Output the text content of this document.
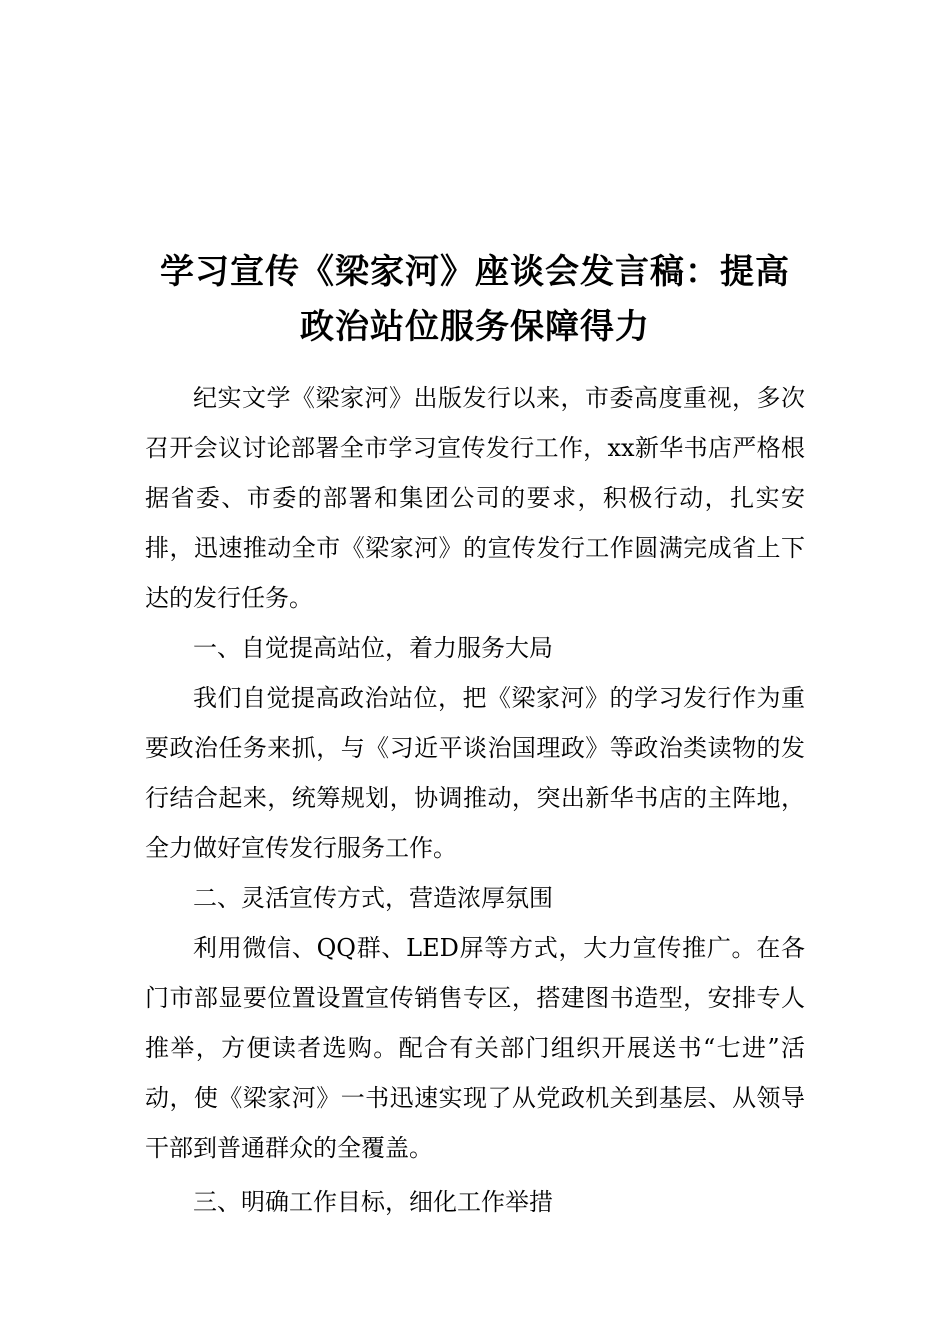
学习宣传《梁家河》座谈会发言稿：提高
政治站位服务保障得力

纪实文学《梁家河》出版发行以来，市委高度重视，多次召开会议讨论部署全市学习宣传发行工作，xx新华书店严格根据省委、市委的部署和集团公司的要求，积极行动，扎实安排，迅速推动全市《梁家河》的宣传发行工作圆满完成省上下达的发行任务。

一、自觉提高站位，着力服务大局

我们自觉提高政治站位，把《梁家河》的学习发行作为重要政治任务来抓，与《习近平谈治国理政》等政治类读物的发行结合起来，统筹规划，协调推动，突出新华书店的主阵地，全力做好宣传发行服务工作。

二、灵活宣传方式，营造浓厚氛围

利用微信、QQ群、LED屏等方式，大力宣传推广。在各门市部显要位置设置宣传销售专区，搭建图书造型，安排专人推举，方便读者选购。配合有关部门组织开展送书“七进”活动，使《梁家河》一书迅速实现了从党政机关到基层、从领导干部到普通群众的全覆盖。

三、明确工作目标，细化工作举措
